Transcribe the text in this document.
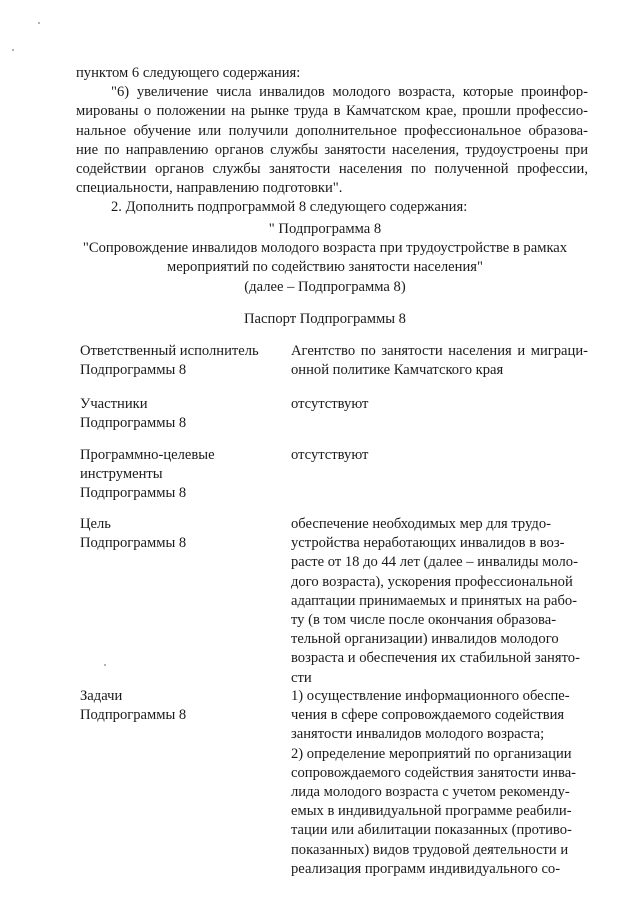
пунктом 6 следующего содержания:
"6) увеличение числа инвалидов молодого возраста, которые проинфор-
мированы о положении на рынке труда в Камчатском крае, прошли профессио-
нальное обучение или получили дополнительное профессиональное образова-
ние по направлению органов службы занятости населения, трудоустроены при
содействии органов службы занятости населения по полученной профессии,
специальности, направлению подготовки".
2. Дополнить подпрограммой 8 следующего содержания:
" Подпрограмма 8
"Сопровождение инвалидов молодого возраста при трудоустройстве в рамках
мероприятий по содействию занятости населения"
(далее – Подпрограмма 8)
Паспорт Подпрограммы 8
Ответственный исполнитель
Подпрограммы 8
Агентство по занятости населения и миграци-
онной политике Камчатского края
Участники
Подпрограммы 8
отсутствуют
Программно-целевые
инструменты
Подпрограммы 8
отсутствуют
Цель
Подпрограммы 8
обеспечение необходимых мер для трудо-
устройства неработающих инвалидов в воз-
расте от 18 до 44 лет (далее – инвалиды моло-
дого возраста), ускорения профессиональной
адаптации принимаемых и принятых на рабо-
ту (в том числе после окончания образова-
тельной организации) инвалидов молодого
возраста и обеспечения их стабильной занято-
сти
Задачи
Подпрограммы 8
1) осуществление информационного обеспе-
чения в сфере сопровождаемого содействия
занятости инвалидов молодого возраста;
2) определение мероприятий по организации
сопровождаемого содействия занятости инва-
лида молодого возраста с учетом рекоменду-
емых в индивидуальной программе реабили-
тации или абилитации показанных (противо-
показанных) видов трудовой деятельности и
реализация программ индивидуального со-
